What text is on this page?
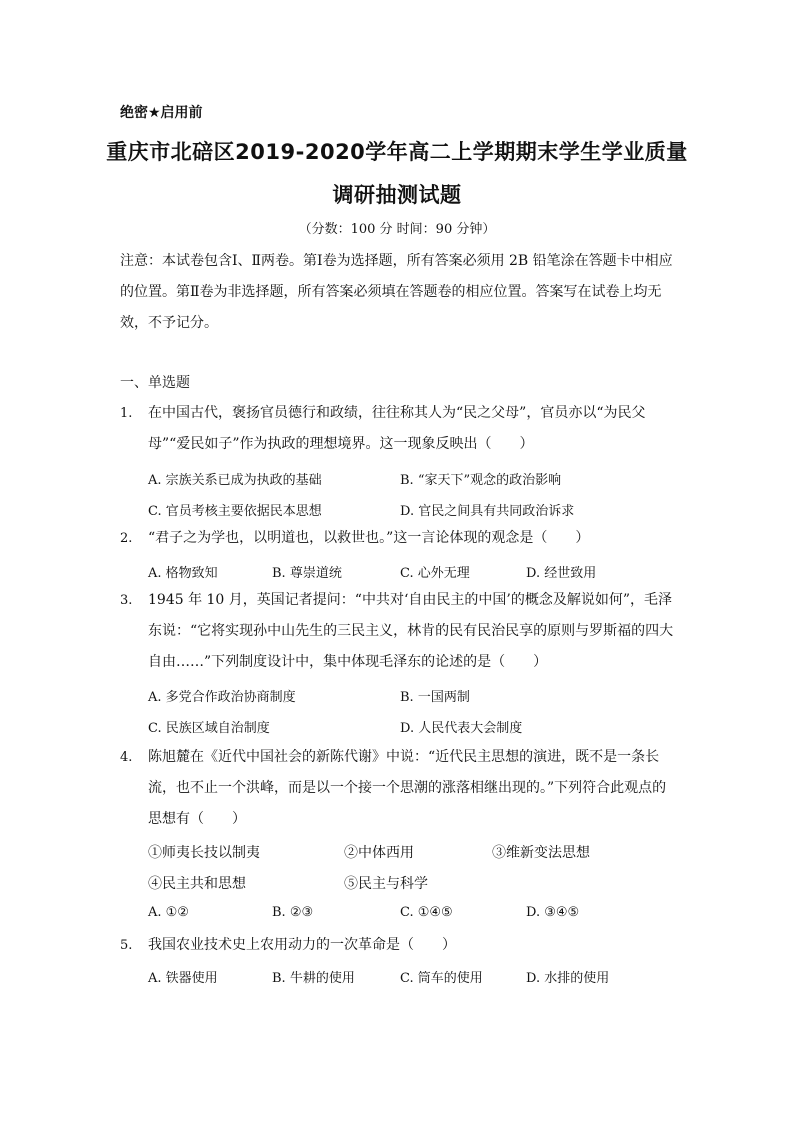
绝密★启用前
重庆市北碚区2019-2020学年高二上学期期末学生学业质量
调研抽测试题
（分数：100 分 时间：90 分钟）
注意：本试卷包含Ⅰ、Ⅱ两卷。第Ⅰ卷为选择题，所有答案必须用 2B 铅笔涂在答题卡中相应的位置。第Ⅱ卷为非选择题，所有答案必须填在答题卷的相应位置。答案写在试卷上均无效，不予记分。
一、单选题
1. 在中国古代，褒扬官员德行和政绩，往往称其人为“民之父母”，官员亦以“为民父母”“爱民如子”作为执政的理想境界。这一现象反映出（　　）
A. 宗族关系已成为执政的基础	B. “家天下”观念的政治影响
C. 官员考核主要依据民本思想	D. 官民之间具有共同政治诉求
2. “君子之为学也，以明道也，以救世也。”这一言论体现的观念是（　　）
A. 格物致知	B. 尊崇道统	C. 心外无理	D. 经世致用
3. 1945 年 10 月，英国记者提问：“中共对‘自由民主的中国’的概念及解说如何”，毛泽东说：“它将实现孙中山先生的三民主义，林肯的民有民治民享的原则与罗斯福的四大自由……”下列制度设计中，集中体现毛泽东的论述的是（　　）
A. 多党合作政治协商制度	B. 一国两制
C. 民族区域自治制度	D. 人民代表大会制度
4. 陈旭麓在《近代中国社会的新陈代谢》中说：“近代民主思想的演进，既不是一条长流，也不止一个洪峰，而是以一个接一个思潮的涨落相继出现的。”下列符合此观点的思想有（　　）
①师夷长技以制夷	②中体西用	③维新变法思想
④民主共和思想	⑤民主与科学
A. ①②	B. ②③	C. ①④⑤	D. ③④⑤
5. 我国农业技术史上农用动力的一次革命是（　　）
A. 铁器使用	B. 牛耕的使用	C. 筒车的使用	D. 水排的使用
